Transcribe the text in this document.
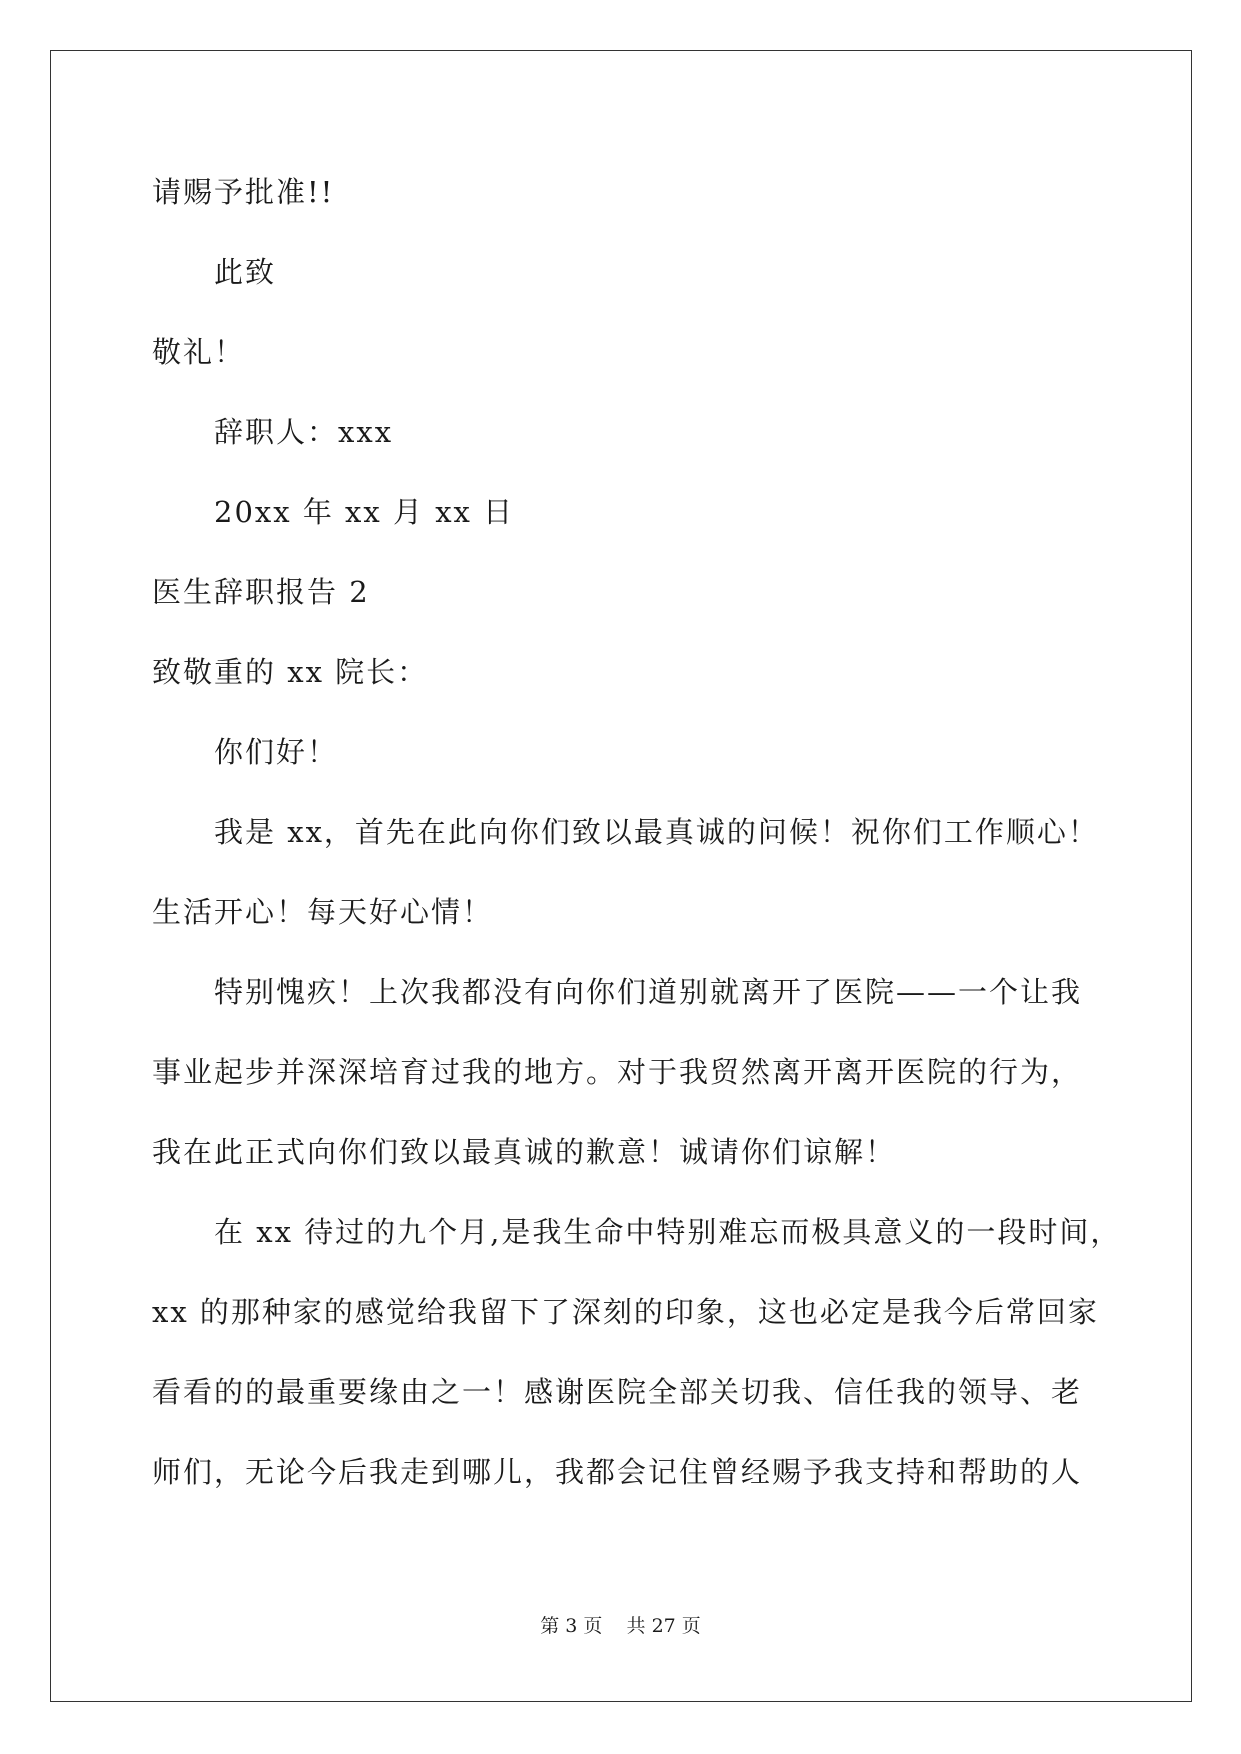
请赐予批准!!
此致
敬礼！
辞职人：xxx
20xx 年 xx 月 xx 日
医生辞职报告 2
致敬重的 xx 院长：
你们好！
我是 xx，首先在此向你们致以最真诚的问候！祝你们工作顺心！
生活开心！每天好心情！
特别愧疚！上次我都没有向你们道别就离开了医院——一个让我
事业起步并深深培育过我的地方。对于我贸然离开离开医院的行为，
我在此正式向你们致以最真诚的歉意！诚请你们谅解！
在 xx 待过的九个月,是我生命中特别难忘而极具意义的一段时间，
xx 的那种家的感觉给我留下了深刻的印象，这也必定是我今后常回家
看看的的最重要缘由之一！感谢医院全部关切我、信任我的领导、老
师们，无论今后我走到哪儿，我都会记住曾经赐予我支持和帮助的人
第 3 页    共 27 页
